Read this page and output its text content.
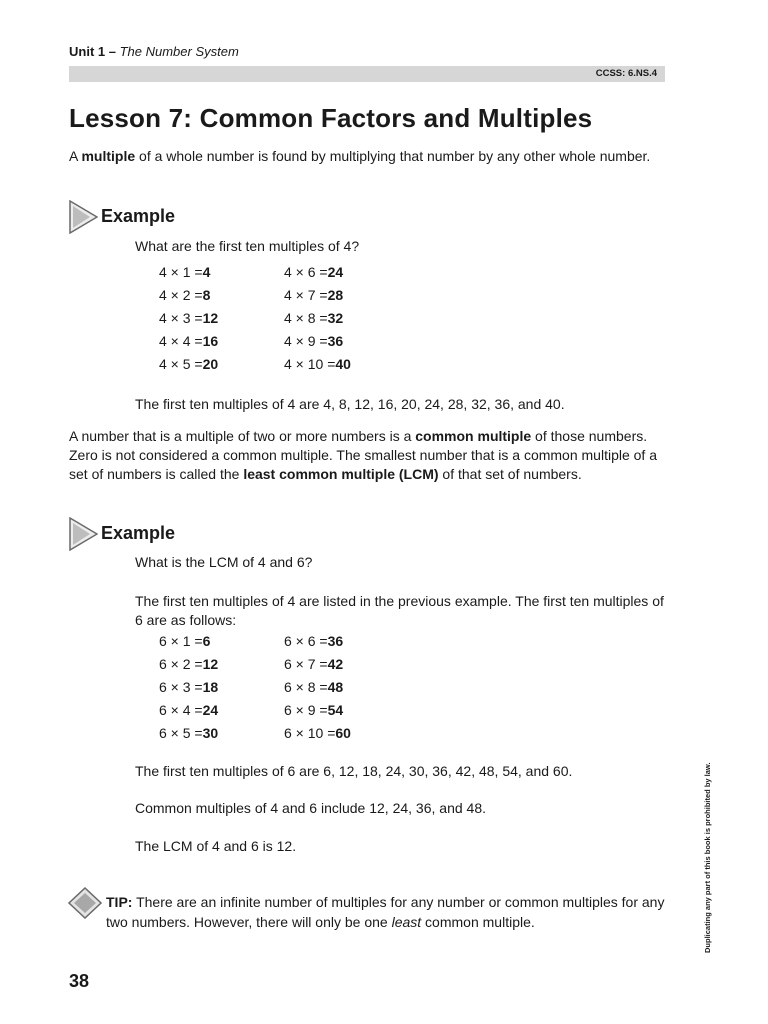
Unit 1 – The Number System
CCSS: 6.NS.4
Lesson 7: Common Factors and Multiples

A multiple of a whole number is found by multiplying that number by any other whole number.

Example

What are the first ten multiples of 4?

4 × 1 =4	4 × 6 =24
4 × 2 =8	4 × 7 =28
4 × 3 =12	4 × 8 =32
4 × 4 =16	4 × 9 =36
4 × 5 =20	4 × 10 =40

The first ten multiples of 4 are 4, 8, 12, 16, 20, 24, 28, 32, 36, and 40.

A number that is a multiple of two or more numbers is a common multiple of those numbers. Zero is not considered a common multiple. The smallest number that is a common multiple of a set of numbers is called the least common multiple (LCM) of that set of numbers.

Example

What is the LCM of 4 and 6?

The first ten multiples of 4 are listed in the previous example. The first ten multiples of 6 are as follows:

6 × 1 =6	6 × 6 =36
6 × 2 =12	6 × 7 =42
6 × 3 =18	6 × 8 =48
6 × 4 =24	6 × 9 =54
6 × 5 =30	6 × 10 =60

The first ten multiples of 6 are 6, 12, 18, 24, 30, 36, 42, 48, 54, and 60.

Common multiples of 4 and 6 include 12, 24, 36, and 48.

The LCM of 4 and 6 is 12.

TIP: There are an infinite number of multiples for any number or common multiples for any two numbers. However, there will only be one least common multiple.

38
Duplicating any part of this book is prohibited by law.
